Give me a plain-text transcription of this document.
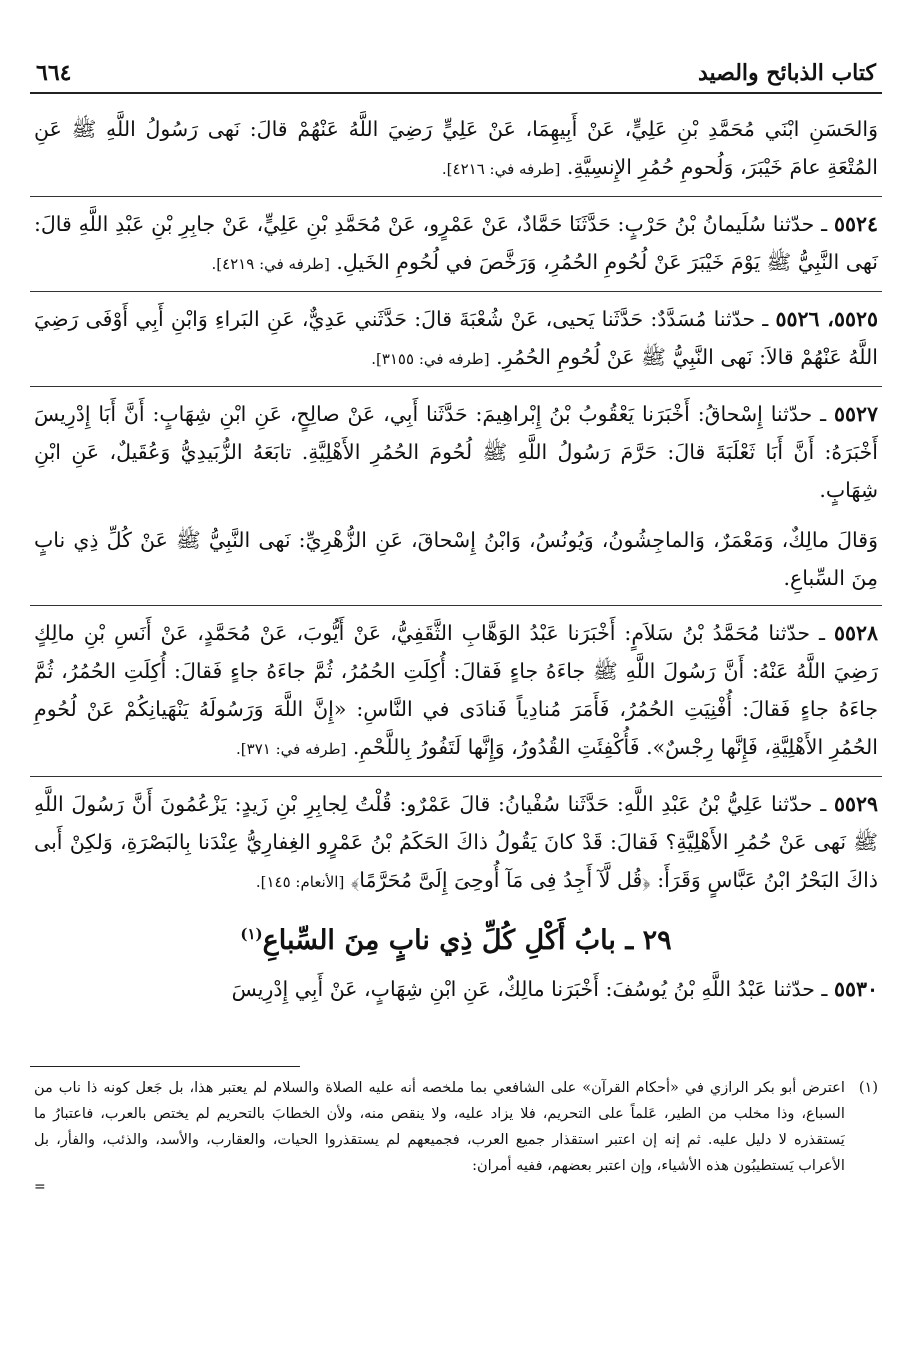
كتاب الذبائح والصيد
٦٦٤

وَالحَسَنِ ابْنَي مُحَمَّدِ بْنِ عَلِيٍّ، عَنْ أَبِيهِمَا، عَنْ عَلِيٍّ رَضِيَ اللَّهُ عَنْهُمْ قالَ: نَهى رَسُولُ اللَّهِ ﷺ عَنِ المُتْعَةِ عامَ خَيْبَرَ، وَلُحومِ حُمُرِ الإِنسِيَّةِ. [طرفه في: ٤٢١٦].

٥٥٢٤ ـ حدّثنا سُلَيمانُ بْنُ حَرْبٍ: حَدَّثَنَا حَمَّادٌ، عَنْ عَمْرٍو، عَنْ مُحَمَّدِ بْنِ عَلِيٍّ، عَنْ جابِرِ بْنِ عَبْدِ اللَّهِ قالَ: نَهى النَّبِيُّ ﷺ يَوْمَ خَيْبَرَ عَنْ لُحُومِ الحُمُرِ، وَرَخَّصَ في لُحُومِ الخَيلِ. [طرفه في: ٤٢١٩].

٥٥٢٥، ٥٥٢٦ ـ حدّثنا مُسَدَّدٌ: حَدَّثَنا يَحيى، عَنْ شُعْبَةَ قالَ: حَدَّثَني عَدِيٌّ، عَنِ البَراءِ وَابْنِ أَبِي أَوْفَى رَضِيَ اللَّهُ عَنْهُمْ قالاَ: نَهى النَّبِيُّ ﷺ عَنْ لُحُومِ الحُمُرِ. [طرفه في: ٣١٥٥].

٥٥٢٧ ـ حدّثنا إِسْحاقُ: أَخْبَرَنا يَعْقُوبُ بْنُ إِبْراهِيمَ: حَدَّثَنا أَبِي، عَنْ صالِحٍ، عَنِ ابْنِ شِهَابٍ: أَنَّ أَبَا إِدْرِيسَ أَخْبَرَهُ: أَنَّ أَبَا ثَعْلَبَةَ قالَ: حَرَّمَ رَسُولُ اللَّهِ ﷺ لُحُومَ الحُمُرِ الأَهْلِيَّةِ. تابَعَهُ الزُّبَيدِيُّ وَعُقَيلٌ، عَنِ ابْنِ شِهَابٍ.

وَقالَ مالِكٌ، وَمَعْمَرٌ، وَالماجِشُونُ، وَيُونُسُ، وَابْنُ إِسْحاقَ، عَنِ الزُّهْرِيِّ: نَهى النَّبِيُّ ﷺ عَنْ كُلِّ ذِي نابٍ مِنَ السِّباعِ.

٥٥٢٨ ـ حدّثنا مُحَمَّدُ بْنُ سَلاَمٍ: أَخْبَرَنا عَبْدُ الوَهَّابِ الثَّقَفِيُّ، عَنْ أَيُّوبَ، عَنْ مُحَمَّدٍ، عَنْ أَنَسِ بْنِ مالِكٍ رَضِيَ اللَّهُ عَنْهُ: أَنَّ رَسُولَ اللَّهِ ﷺ جاءَهُ جاءٍ فَقالَ: أُكِلَتِ الحُمُرُ، ثُمَّ جاءَهُ جاءٍ فَقالَ: أُكِلَتِ الحُمُرُ، ثُمَّ جاءَهُ جاءٍ فَقالَ: أُفْنِيَتِ الحُمُرُ، فَأَمَرَ مُنادِياً فَنادَى في النَّاسِ: «إِنَّ اللَّهَ وَرَسُولَهُ يَنْهَيانِكُمْ عَنْ لُحُومِ الحُمُرِ الأَهْلِيَّةِ، فَإِنَّها رِجْسٌ». فَأُكْفِئَتِ القُدُورُ، وَإِنَّها لَتَفُورُ بِاللَّحْمِ. [طرفه في: ٣٧١].

٥٥٢٩ ـ حدّثنا عَلِيُّ بْنُ عَبْدِ اللَّهِ: حَدَّثَنا سُفْيانُ: قالَ عَمْرٌو: قُلْتُ لِجابِرِ بْنِ زَيدٍ: يَزْعُمُونَ أَنَّ رَسُولَ اللَّهِ ﷺ نَهى عَنْ حُمُرِ الأَهْلِيَّةِ؟ فَقالَ: قَدْ كانَ يَقُولُ ذاكَ الحَكَمُ بْنُ عَمْرٍو الغِفارِيُّ عِنْدَنا بِالبَصْرَةِ، وَلكِنْ أَبى ذاكَ البَحْرُ ابْنُ عَبَّاسٍ وَقَرَأَ: ﴿قُل لَّآ أَجِدُ فِى مَآ أُوحِىَ إِلَىَّ مُحَرَّمًا﴾ [الأنعام: ١٤٥].

٢٩ ـ بابُ أَكْلِ كُلِّ ذِي نابٍ مِنَ السِّباعِ$^{(١)}$

٥٥٣٠ ـ حدّثنا عَبْدُ اللَّهِ بْنُ يُوسُفَ: أَخْبَرَنا مالِكٌ، عَنِ ابْنِ شِهَابٍ، عَنْ أَبِي إِدْرِيسَ

(١)
اعترض أبو بكر الرازي في «أحكام القرآن» على الشافعي بما ملخصه أنه عليه الصلاة والسلام لم يعتبر هذا، بل جَعل كونه ذا ناب من السباع، وذا مخلب من الطير، عَلماً على التحريم، فلا يزاد عليه، ولا ينقص منه، ولأن الخطابَ بالتحريم لم يختص بالعرب، فاعتبارُ ما يَستقذره لا دليل عليه. ثم إنه إن اعتبر استقذار جميع العرب، فجميعهم لم يستقذروا الحيات، والعقارب، والأسد، والذئب، والفأر، بل الأعراب يَستطيبُون هذه الأشياء، وإن اعتبر بعضهم، ففيه أمران:
=
